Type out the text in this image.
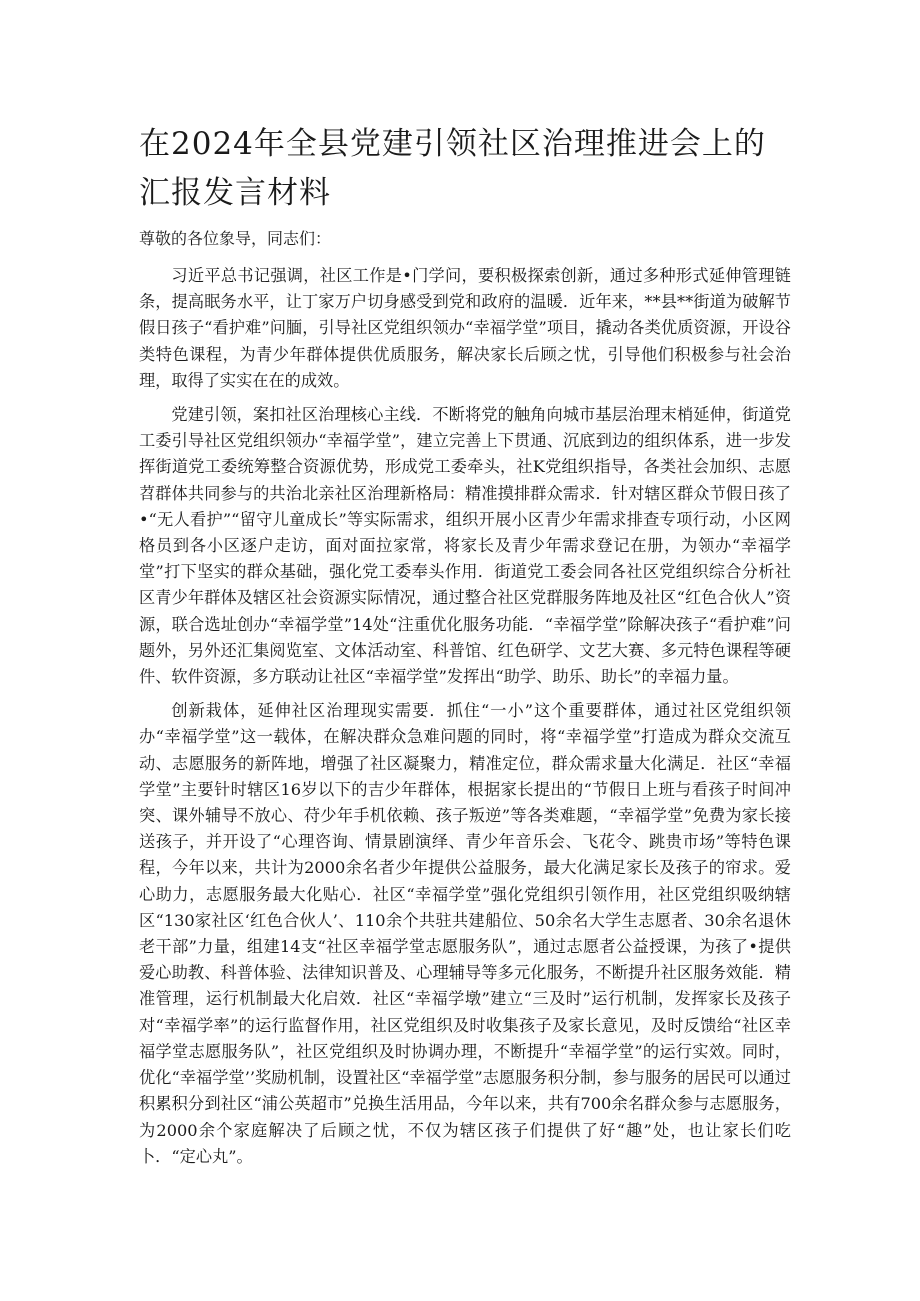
在2024年全县党建引领社区治理推进会上的汇报发言材料

尊敬的各位象导，同志们：

习近平总书记强调，社区工作是•门学问，要积极探索创新，通过多种形式延伸管理链条，提高眠务水平，让丁家万户切身感受到党和政府的温暖．近年来，**县**街道为破解节假日孩子“看护难”问腼，引导社区党组织领办“幸福学堂”项目，撬动各类优质资源，开设谷类特色课程，为青少年群体提供优质服务，解决家长后顾之忧，引导他们积极参与社会治理，取得了实实在在的成效。

党建引领，案扣社区治理核心主线．不断将党的触角向城市基层治理末梢延伸，街道党工委引导社区党组织领办“幸福学堂”，建立完善上下贯通、沉底到边的组织体系，进一步发挥街道党工委统筹整合资源优势，形成党工委牵头，社K党组织指导，各类社会加织、志愿苕群体共同参与的共治北亲社区治理新格局：精准摸排群众需求．针对辖区群众节假日孩了•“无人看护”“留守儿童成长”等实际需求，组织开展小区青少年需求排查专项行动，小区网格员到各小区逐户走访，面对面拉家常，将家长及青少年需求登记在册，为领办“幸福学堂”打下坚实的群众基础，强化党工委奉头作用．街道党工委会同各社区党组织综合分析社区青少年群体及辖区社会资源实际情况，通过整合社区党群服务阵地及社区“红色合伙人”资源，联合选址创办“幸福学堂”14处“注重优化服务功能．“幸福学堂”除解决孩子“看护难”问题外，另外还汇集阅览室、文体活动室、科普馆、红色研学、文艺大赛、多元特色课程等硬件、软件资源，多方联动让社区“幸福学堂”发挥出“助学、助乐、助长”的幸福力量。

创新栽体，延伸社区治理现实需要．抓住“一小”这个重要群体，通过社区党组织领办“幸福学堂”这一载体，在解决群众急难问题的同时，将“幸福学堂”打造成为群众交流互动、志愿服务的新阵地，增强了社区凝聚力，精准定位，群众需求量大化满足．社区“幸福学堂”主要针时辖区16岁以下的吉少年群体，根据家长提出的“节假日上班与看孩子时间冲突、课外辅导不放心、苻少年手机依赖、孩子叛逆”等各类难题，“幸福学堂”免费为家长接送孩子，并开设了“心理咨询、情景剧演绎、青少年音乐会、飞花令、跳贵市场”等特色课程，今年以来，共计为2000余名者少年提供公益服务，最大化满足家长及孩子的帘求。爱心助力，志愿服务最大化贴心．社区“幸福学堂”强化党组织引领作用，社区党组织吸纳辖区“130家社区‘红色合伙人’、110余个共驻共建船位、50余名大学生志愿者、30余名退休老干部”力量，组建14支“社区幸福学堂志愿服务队”，通过志愿者公益授课，为孩了•提供爱心助教、科普体验、法律知识普及、心理辅导等多元化服务，不断提升社区服务效能．精准管理，运行机制最大化启效．社区“幸福学墩”建立“三及时”运行机制，发挥家长及孩子对“幸福学率”的运行监督作用，社区党组织及时收集孩子及家长意见，及时反馈给“社区幸福学堂志愿服务队”，社区党组织及时协调办理，不断提升“幸福学堂”的运行实效。同时，优化“幸福学堂’’奖励机制，设置社区“幸福学堂”志愿服务积分制，参与服务的居民可以通过积累积分到社区“浦公英超市”兑换生活用品，今年以来，共有700余名群众参与志愿服务，为2000余个家庭解决了后顾之忧，不仅为辖区孩子们提供了好“趣”处，也让家长们吃卜．“定心丸”。
